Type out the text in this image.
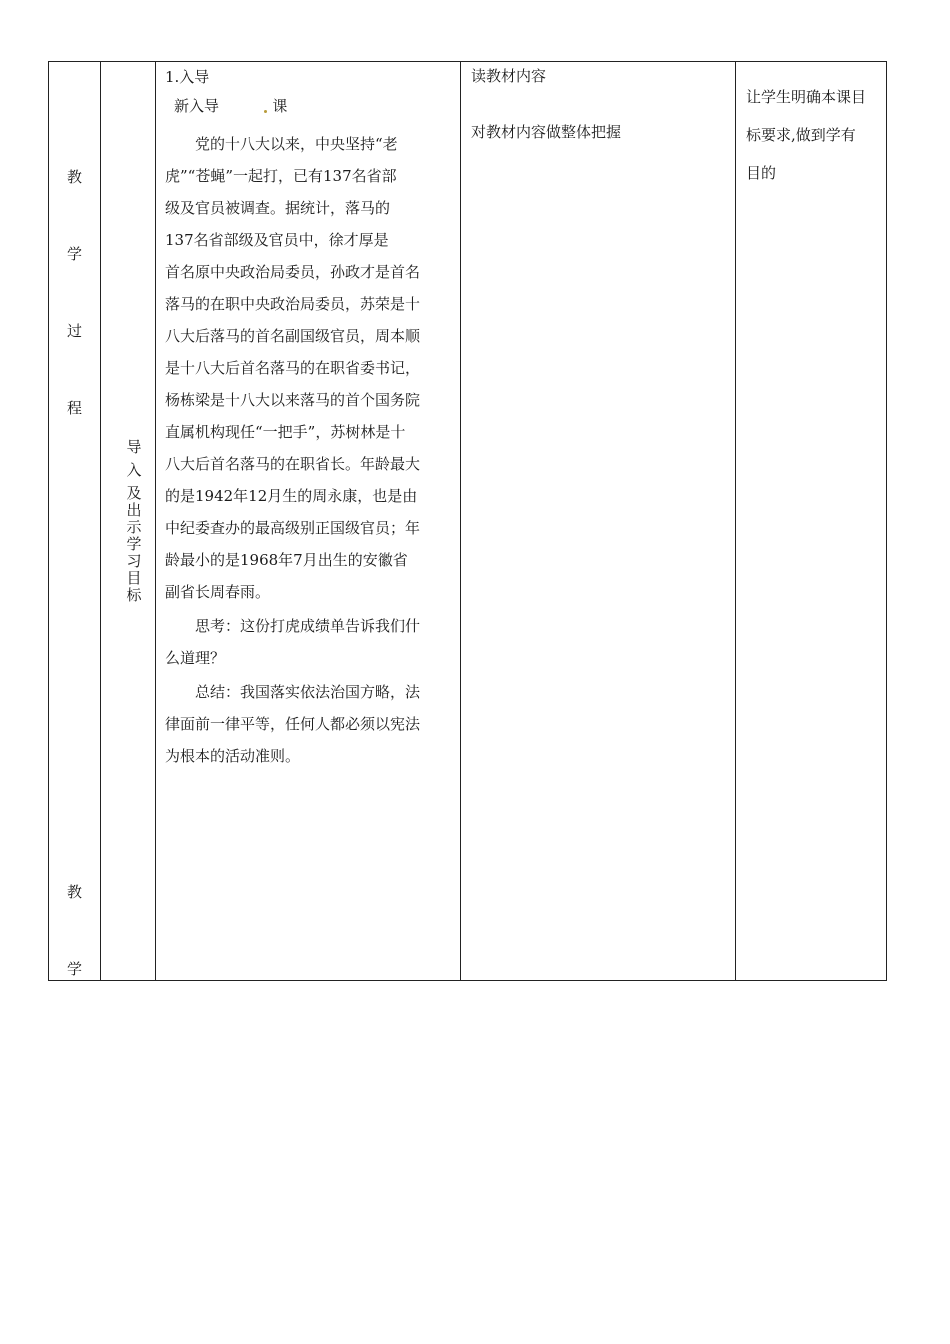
教
学
过
程
教
学
导
入
及
出
示
学
习
目
标
1.入导
新入导	课
党的十八大以来，中央坚持“老
虎”“苍蝇”一起打，已有137名省部
级及官员被调查。据统计，落马的
137名省部级及官员中，徐才厚是
首名原中央政治局委员，孙政才是首名
落马的在职中央政治局委员，苏荣是十
八大后落马的首名副国级官员，周本顺
是十八大后首名落马的在职省委书记，
杨栋梁是十八大以来落马的首个国务院
直属机构现任“一把手”，苏树林是十
八大后首名落马的在职省长。年龄最大
的是1942年12月生的周永康，也是由
中纪委查办的最高级别正国级官员；年
龄最小的是1968年7月出生的安徽省
副省长周春雨。
思考：这份打虎成绩单告诉我们什
么道理？
总结：我国落实依法治国方略，法
律面前一律平等，任何人都必须以宪法
为根本的活动准则。
读教材内容
对教材内容做整体把握
让学生明确本课目
标要求,做到学有
目的
